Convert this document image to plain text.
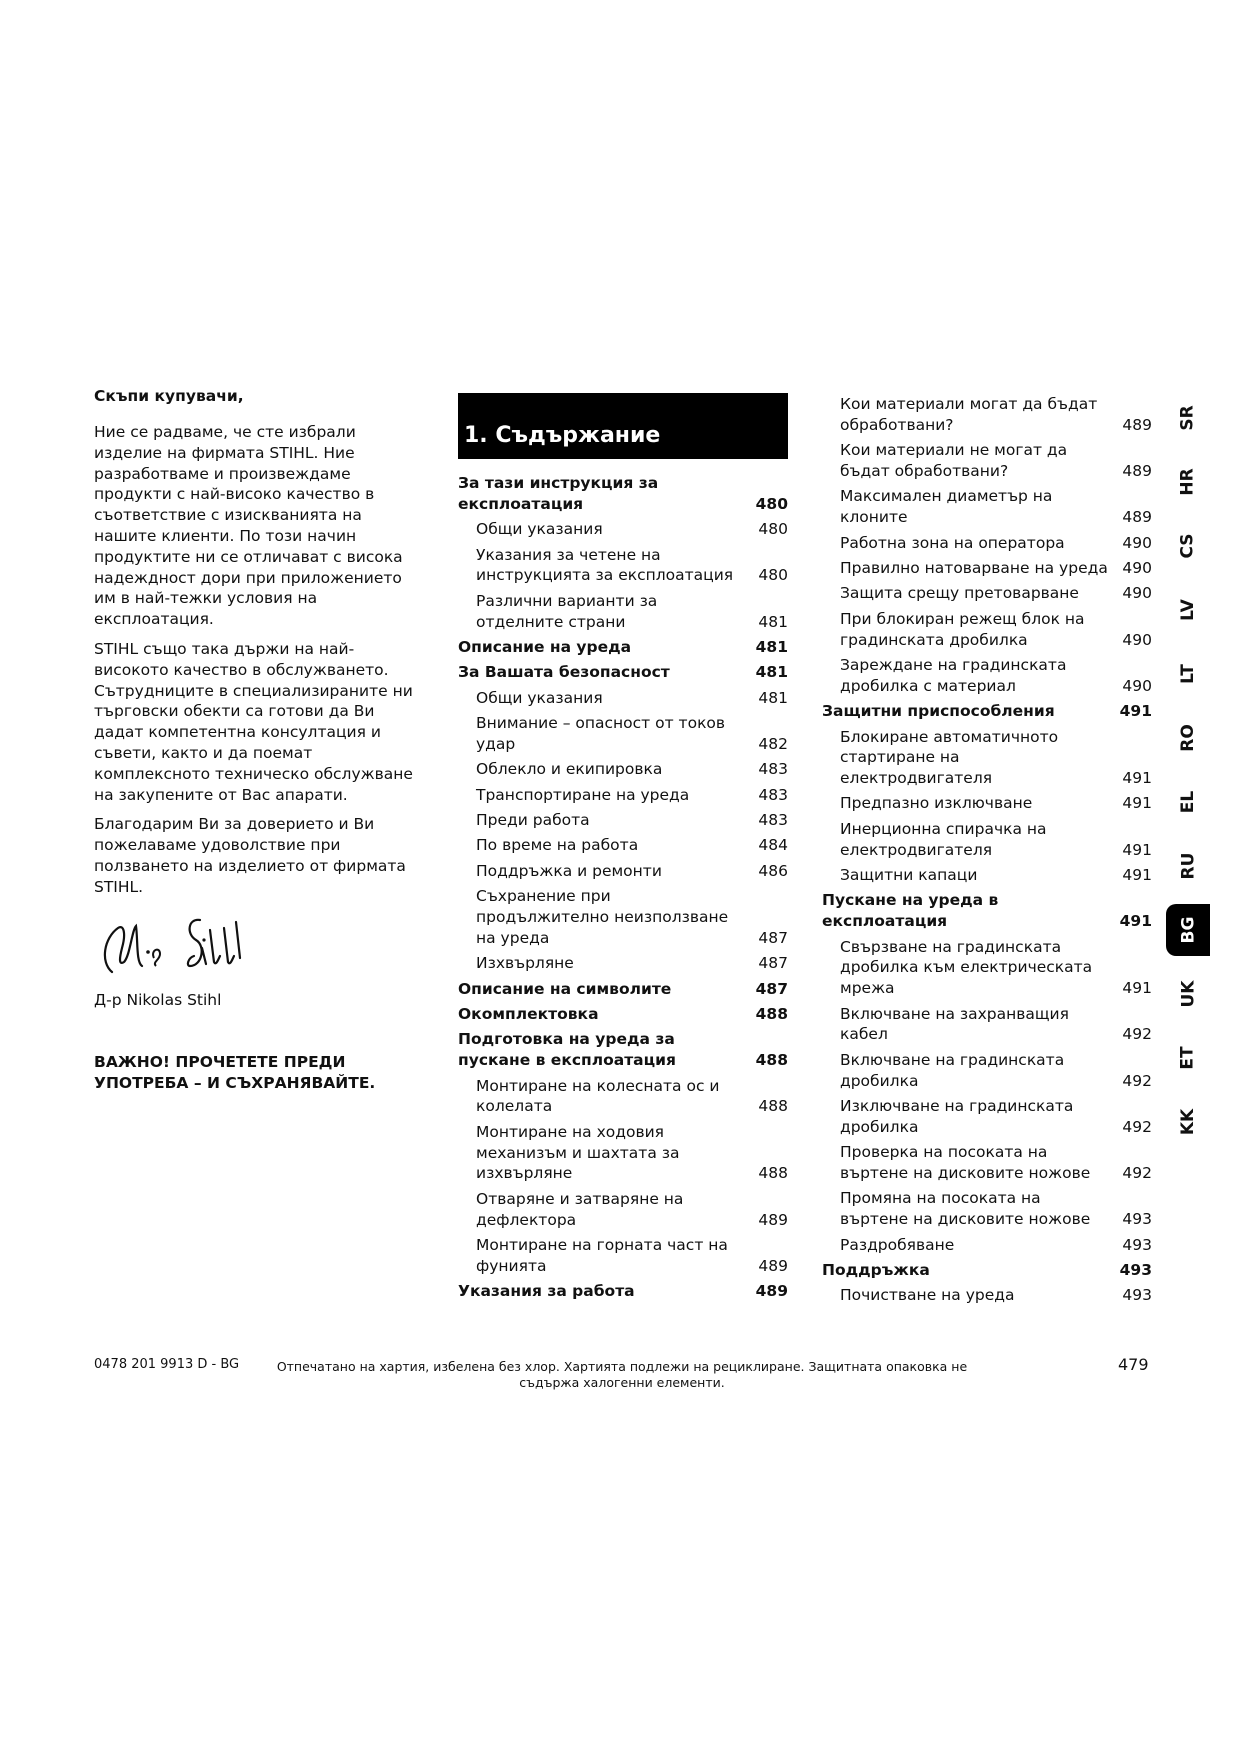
Скъпи купувачи,

Ние се радваме, че сте избрали изделие на фирмата STIHL. Ние разработваме и произвеждаме продукти с най-високо качество в съответствие с изискванията на нашите клиенти. По този начин продуктите ни се отличават с висока надеждност дори при приложението им в най-тежки условия на експлоатация.

STIHL също така държи на най-високото качество в обслужването. Сътрудниците в специализираните ни търговски обекти са готови да Ви дадат компетентна консултация и съвети, както и да поемат комплексното техническо обслужване на закупените от Вас апарати.

Благодарим Ви за доверието и Ви пожелаваме удоволствие при ползването на изделието от фирмата STIHL.

Д-р Nikolas Stihl
ВАЖНО! ПРОЧЕТЕТЕ ПРЕДИ УПОТРЕБА – И СЪХРАНЯВАЙТЕ.
1. Съдържание
За тази инструкция за експлоатация	480
Общи указания	480
Указания за четене на инструкцията за експлоатация	480
Различни варианти за отделните страни	481
Описание на уреда	481
За Вашата безопасност	481
Общи указания	481
Внимание – опасност от токов удар	482
Облекло и екипировка	483
Транспортиране на уреда	483
Преди работа	483
По време на работа	484
Поддръжка и ремонти	486
Съхранение при продължително неизползване на уреда	487
Изхвърляне	487
Описание на символите	487
Окомплектовка	488
Подготовка на уреда за пускане в експлоатация	488
Монтиране на колесната ос и колелата	488
Монтиране на ходовия механизъм и шахтата за изхвърляне	488
Отваряне и затваряне на дефлектора	489
Монтиране на горната част на фунията	489
Указания за работа	489
Кои материали могат да бъдат обработвани?	489
Кои материали не могат да бъдат обработвани?	489
Максимален диаметър на клоните	489
Работна зона на оператора	490
Правилно натоварване на уреда 490
Защита срещу претоварване	490
При блокиран режещ блок на градинската дробилка	490
Зареждане на градинската дробилка с материал	490
Защитни приспособления	491
Блокиране автоматичното стартиране на електродвигателя	491
Предпазно изключване	491
Инерционна спирачка на електродвигателя	491
Защитни капаци	491
Пускане на уреда в експлоатация	491
Свързване на градинската дробилка към електрическата мрежа	491
Включване на захранващия кабел	492
Включване на градинската дробилка	492
Изключване на градинската дробилка	492
Проверка на посоката на въртене на дисковите ножове	492
Промяна на посоката на въртене на дисковите ножове	493
Раздробяване	493
Поддръжка	493
Почистване на уреда	493
SR
HR
CS
LV
LT
RO
EL
RU
BG
UK
ET
KK
0478 201 9913 D - BG	Отпечатано на хартия, избелена без хлор. Хартията подлежи на рециклиране. Защитната опаковка не съдържа халогенни елементи.
479
